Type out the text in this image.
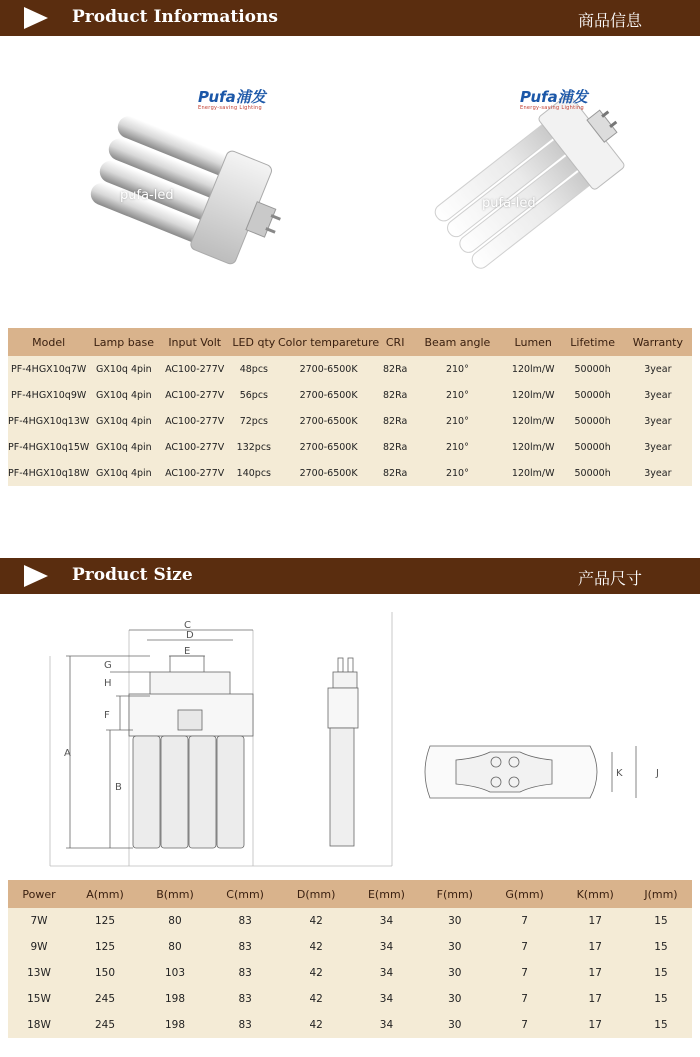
Product Informations	商品信息
Pufa浦发
Energy-saving Lighting
pufa-led
Pufa浦发
Energy-saving Lighting
pufa-led
Model	Lamp base	Input Volt	LED qty	Color tempareture	CRI	Beam angle	Lumen	Lifetime	Warranty
PF-4HGX10q7W	GX10q 4pin	AC100-277V	48pcs	2700-6500K	82Ra	210°	120lm/W	50000h	3year
PF-4HGX10q9W	GX10q 4pin	AC100-277V	56pcs	2700-6500K	82Ra	210°	120lm/W	50000h	3year
PF-4HGX10q13W	GX10q 4pin	AC100-277V	72pcs	2700-6500K	82Ra	210°	120lm/W	50000h	3year
PF-4HGX10q15W	GX10q 4pin	AC100-277V	132pcs	2700-6500K	82Ra	210°	120lm/W	50000h	3year
PF-4HGX10q18W	GX10q 4pin	AC100-277V	140pcs	2700-6500K	82Ra	210°	120lm/W	50000h	3year
Product Size	产品尺寸
A
B
C
D
E
F
G
H
K	J
Power	A(mm)	B(mm)	C(mm)	D(mm)	E(mm)	F(mm)	G(mm)	K(mm)	J(mm)
7W	125	80	83	42	34	30	7	17	15
9W	125	80	83	42	34	30	7	17	15
13W	150	103	83	42	34	30	7	17	15
15W	245	198	83	42	34	30	7	17	15
18W	245	198	83	42	34	30	7	17	15
